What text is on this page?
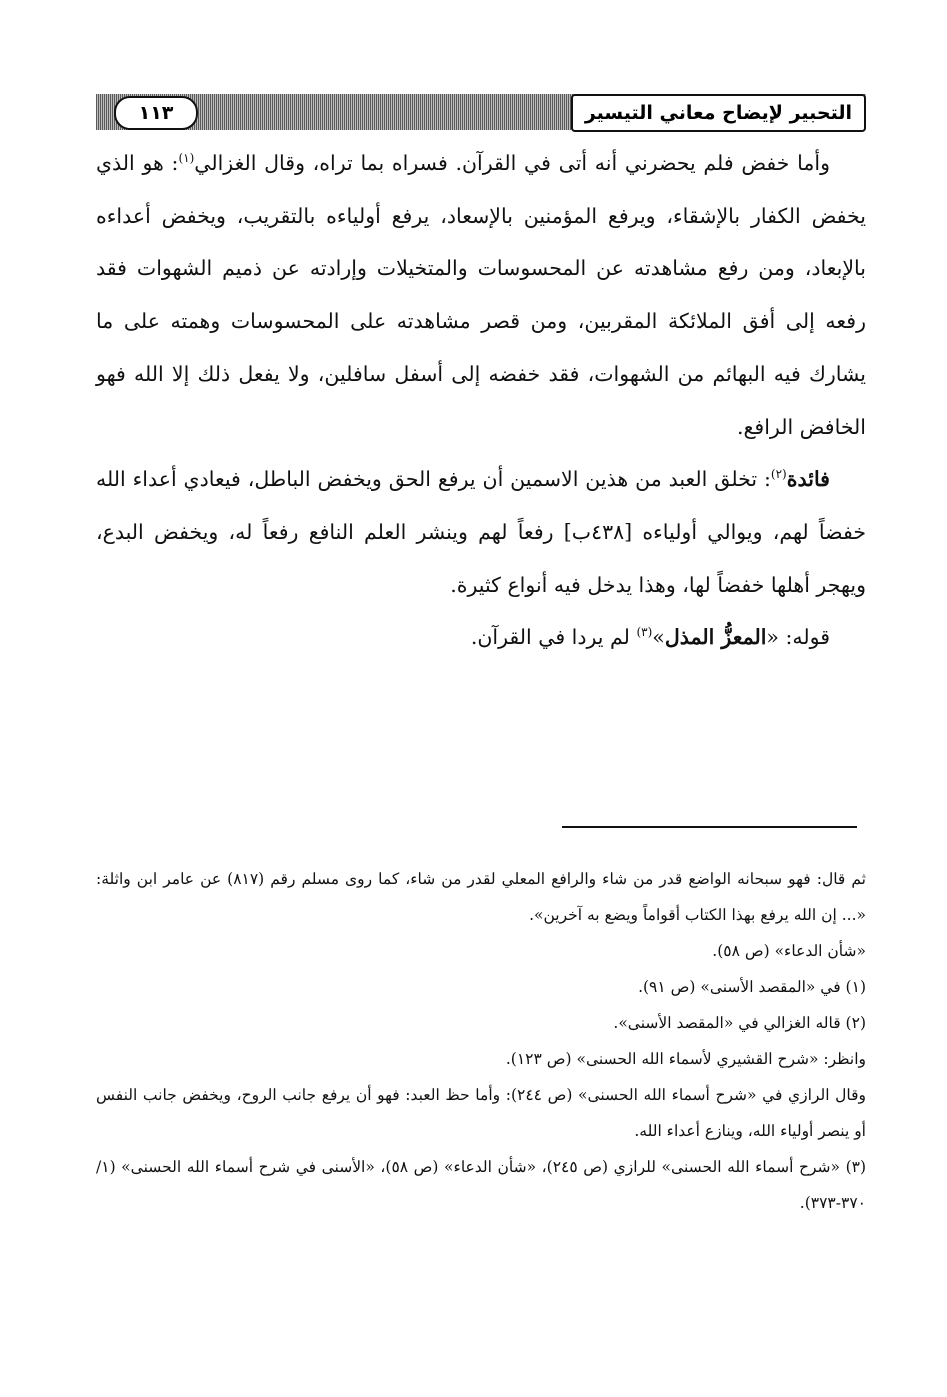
التحبير لإيضاح معاني التيسير
١١٣

وأما خفض فلم يحضرني أنه أتى في القرآن. فسراه بما تراه، وقال الغزالي$^{(١)}$: هو الذي يخفض الكفار بالإشقاء، ويرفع المؤمنين بالإسعاد، يرفع أولياءه بالتقريب، ويخفض أعداءه بالإبعاد، ومن رفع مشاهدته عن المحسوسات والمتخيلات وإرادته عن ذميم الشهوات فقد رفعه إلى أفق الملائكة المقربين، ومن قصر مشاهدته على المحسوسات وهمته على ما يشارك فيه البهائم من الشهوات، فقد خفضه إلى أسفل سافلين، ولا يفعل ذلك إلا الله فهو الخافض الرافع.

فائدة$^{(٢)}$: تخلق العبد من هذين الاسمين أن يرفع الحق ويخفض الباطل، فيعادي أعداء الله خفضاً لهم، ويوالي أولياءه [٤٣٨ب] رفعاً لهم وينشر العلم النافع رفعاً له، ويخفض البدع، ويهجر أهلها خفضاً لها، وهذا يدخل فيه أنواع كثيرة.

قوله: «المعزُّ المذل»$^{(٣)}$ لم يردا في القرآن.

ثم قال: فهو سبحانه الواضع قدر من شاء والرافع المعلي لقدر من شاء، كما روى مسلم رقم (٨١٧) عن عامر ابن واثلة: «... إن الله يرفع بهذا الكتاب أقواماً ويضع به آخرين».

«شأن الدعاء» (ص ٥٨).

(١) في «المقصد الأسنى» (ص ٩١).

(٢) قاله الغزالي في «المقصد الأسنى».

وانظر: «شرح القشيري لأسماء الله الحسنى» (ص ١٢٣).

وقال الرازي في «شرح أسماء الله الحسنى» (ص ٢٤٤): وأما حظ العبد: فهو أن يرفع جانب الروح، ويخفض جانب النفس أو ينصر أولياء الله، وينازع أعداء الله.

(٣) «شرح أسماء الله الحسنى» للرازي (ص ٢٤٥)، «شأن الدعاء» (ص ٥٨)، «الأسنى في شرح أسماء الله الحسنى» (١/ ٣٧٠-٣٧٣).
